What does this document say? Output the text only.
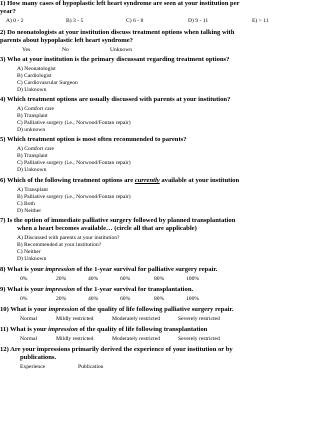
1) How many cases of hypoplastic left heart syndrome are seen at your institution per
year?
A) 0 - 2	B) 3 - 5	C) 6 - 8	D) 9 - 11	E) > 11
2) Do neonatologists at your institution discuss treatment options when talking with
parents about hypoplastic left heart syndrome?
Yes	No	Unknown
3) Who at your institution is the primary discussant regarding treatment options?
A) Neonatologist
B) Cardiologist
C) Cardiovascular Surgeon
D) Unknown
4) Which treatment options are usually discussed with parents at your institution?
A) Comfort care
B) Transplant
C) Palliative surgery (i.e., Norwood/Fontan repair)
D) unknown
5) Which treatment option is most often recommended to parents?
A) Comfort care
B) Transplant
C) Palliative surgery (i.e., Norwood/Fontan repair)
D) Unknown
6) Which of the following treatment options are currently available at your institution
A) Transplant
B) Palliative surgery (i.e., Norwood/Fontan repair)
C) Both
D) Neither
7) Is the option of immediate palliative surgery followed by planned transplantation
when a heart becomes available… (circle all that are applicable)
A) Discussed with parents at your institution?
B) Recommended at your institution?
C) Neither
D) Unknown
8) What is your impression of the 1-year survival for palliative surgery repair.
0%	20%	40%	60%	80%	100%
9) What is your impression of the 1-year survival for transplantation.
0%	20%	40%	60%	80%	100%
10) What is your impression of the quality of life following palliative surgery repair.
Normal	Mildly restricted	Moderately restricted	Severely restricted
11) What is your impression of the quality of life following transplantation
Normal	Mildly restricted	Moderately restricted	Severely restricted
12) Are your impressions primarily derived the experience of your institution or by
publications.
Experience	Publication
